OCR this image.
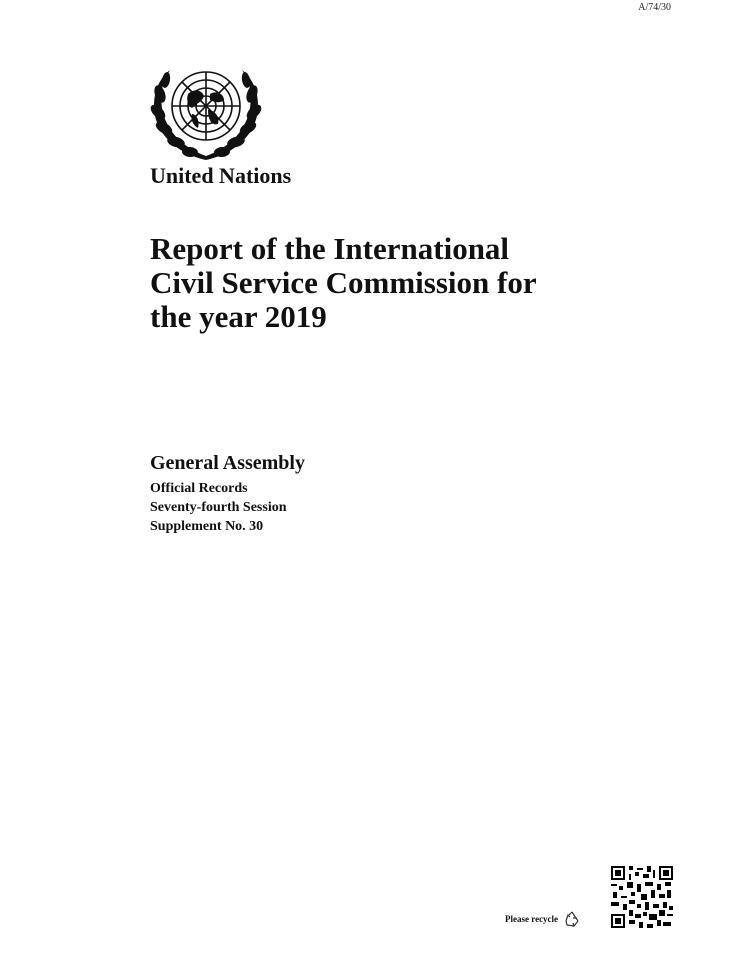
A/74/30
United Nations
Report of the International
Civil Service Commission for
the year 2019
General Assembly
Official Records
Seventy-fourth Session
Supplement No. 30
Please recycle
